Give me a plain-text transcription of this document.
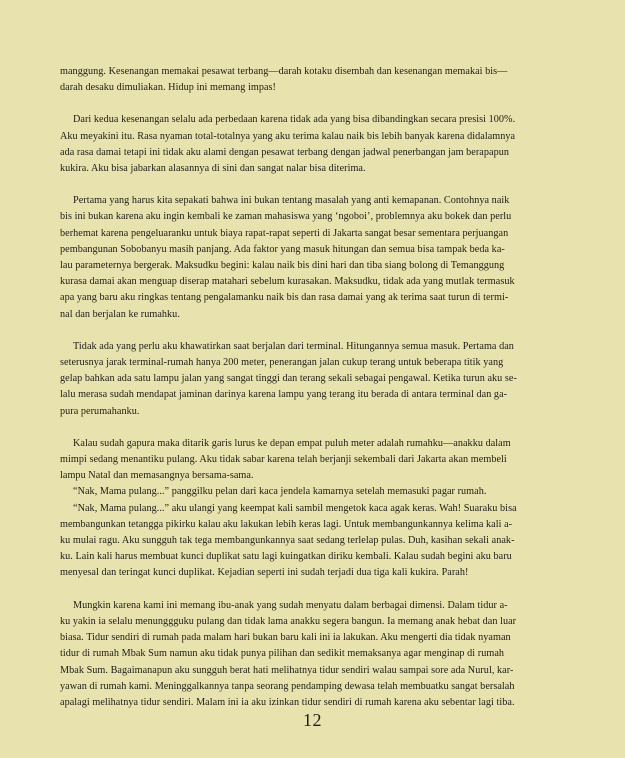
manggung. Kesenangan memakai pesawat terbang—darah kotaku disembah dan kesenangan memakai bis—
darah desaku dimuliakan. Hidup ini memang impas!
Dari kedua kesenangan selalu ada perbedaan karena tidak ada yang bisa dibandingkan secara presisi 100%.
Aku meyakini itu. Rasa nyaman total-totalnya yang aku terima kalau naik bis lebih banyak karena didalamnya
ada rasa damai tetapi ini tidak aku alami dengan pesawat terbang dengan jadwal penerbangan jam berapapun
kukira. Aku bisa jabarkan alasannya di sini dan sangat nalar bisa diterima.
Pertama yang harus kita sepakati bahwa ini bukan tentang masalah yang anti kemapanan. Contohnya naik
bis ini bukan karena aku ingin kembali ke zaman mahasiswa yang ‘ngoboi’, problemnya aku bokek dan perlu
berhemat karena pengeluaranku untuk biaya rapat-rapat seperti di Jakarta sangat besar sementara perjuangan
pembangunan Sobobanyu masih panjang. Ada faktor yang masuk hitungan dan semua bisa tampak beda ka-
lau parameternya bergerak. Maksudku begini: kalau naik bis dini hari dan tiba siang bolong di Temanggung
kurasa damai akan menguap diserap matahari sebelum kurasakan. Maksudku, tidak ada yang mutlak termasuk
apa yang baru aku ringkas tentang pengalamanku naik bis dan rasa damai yang ak terima saat turun di termi-
nal dan berjalan ke rumahku.
Tidak ada yang perlu aku khawatirkan saat berjalan dari terminal. Hitungannya semua masuk. Pertama dan
seterusnya jarak terminal-rumah hanya 200 meter, penerangan jalan cukup terang untuk beberapa titik yang
gelap bahkan ada satu lampu jalan yang sangat tinggi dan terang sekali sebagai pengawal. Ketika turun aku se-
lalu merasa sudah mendapat jaminan darinya karena lampu yang terang itu berada di antara terminal dan ga-
pura perumahanku.
Kalau sudah gapura maka ditarik garis lurus ke depan empat puluh meter adalah rumahku—anakku dalam
mimpi sedang menantiku pulang. Aku tidak sabar karena telah berjanji sekembali dari Jakarta akan membeli
lampu Natal dan memasangnya bersama-sama.
“Nak, Mama pulang...” panggilku pelan dari kaca jendela kamarnya setelah memasuki pagar rumah.
“Nak, Mama pulang...” aku ulangi yang keempat kali sambil mengetok kaca agak keras. Wah! Suaraku bisa
membangunkan tetangga pikirku kalau aku lakukan lebih keras lagi. Untuk membangunkannya kelima kali a-
ku mulai ragu. Aku sungguh tak tega membangunkannya saat sedang terlelap pulas. Duh, kasihan sekali anak-
ku. Lain kali harus membuat kunci duplikat satu lagi kuingatkan diriku kembali. Kalau sudah begini aku baru
menyesal dan teringat kunci duplikat. Kejadian seperti ini sudah terjadi dua tiga kali kukira. Parah!
Mungkin karena kami ini memang ibu-anak yang sudah menyatu dalam berbagai dimensi. Dalam tidur a-
ku yakin ia selalu menunggguku pulang dan tidak lama anakku segera bangun. Ia memang anak hebat dan luar
biasa. Tidur sendiri di rumah pada malam hari bukan baru kali ini ia lakukan. Aku mengerti dia tidak nyaman
tidur di rumah Mbak Sum namun aku tidak punya pilihan dan sedikit memaksanya agar menginap di rumah
Mbak Sum. Bagaimanapun aku sungguh berat hati melihatnya tidur sendiri walau sampai sore ada Nurul, kar-
yawan di rumah kami. Meninggalkannya tanpa seorang pendamping dewasa telah membuatku sangat bersalah
apalagi melihatnya tidur sendiri. Malam ini ia aku izinkan tidur sendiri di rumah karena aku sebentar lagi tiba.
12
